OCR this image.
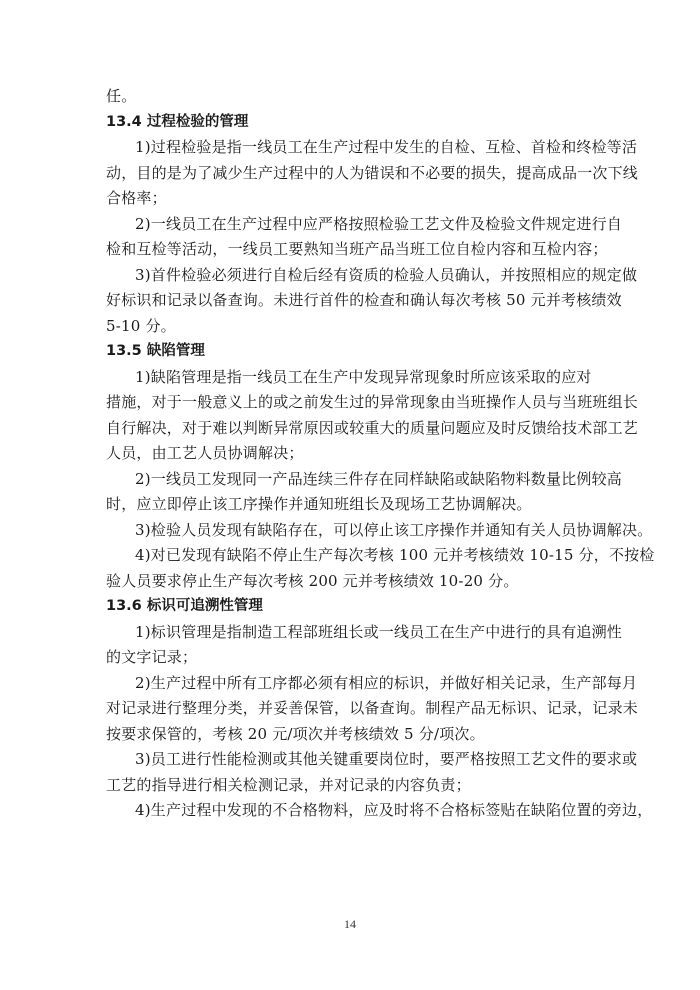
任。
13.4 过程检验的管理
1)过程检验是指一线员工在生产过程中发生的自检、互检、首检和终检等活
动，目的是为了减少生产过程中的人为错误和不必要的损失，提高成品一次下线
合格率；
2)一线员工在生产过程中应严格按照检验工艺文件及检验文件规定进行自
检和互检等活动，一线员工要熟知当班产品当班工位自检内容和互检内容；
3)首件检验必须进行自检后经有资质的检验人员确认，并按照相应的规定做
好标识和记录以备查询。未进行首件的检查和确认每次考核 50 元并考核绩效
5-10 分。
13.5 缺陷管理
1)缺陷管理是指一线员工在生产中发现异常现象时所应该采取的应对
措施，对于一般意义上的或之前发生过的异常现象由当班操作人员与当班班组长
自行解决，对于难以判断异常原因或较重大的质量问题应及时反馈给技术部工艺
人员，由工艺人员协调解决；
2)一线员工发现同一产品连续三件存在同样缺陷或缺陷物料数量比例较高
时，应立即停止该工序操作并通知班组长及现场工艺协调解决。
3)检验人员发现有缺陷存在，可以停止该工序操作并通知有关人员协调解决。
4)对已发现有缺陷不停止生产每次考核 100 元并考核绩效 10-15 分，不按检
验人员要求停止生产每次考核 200 元并考核绩效 10-20 分。
13.6 标识可追溯性管理
1)标识管理是指制造工程部班组长或一线员工在生产中进行的具有追溯性
的文字记录；
2)生产过程中所有工序都必须有相应的标识，并做好相关记录，生产部每月
对记录进行整理分类，并妥善保管，以备查询。制程产品无标识、记录，记录未
按要求保管的，考核 20 元/项次并考核绩效 5 分/项次。
3)员工进行性能检测或其他关键重要岗位时，要严格按照工艺文件的要求或
工艺的指导进行相关检测记录，并对记录的内容负责；
4)生产过程中发现的不合格物料，应及时将不合格标签贴在缺陷位置的旁边，
14
